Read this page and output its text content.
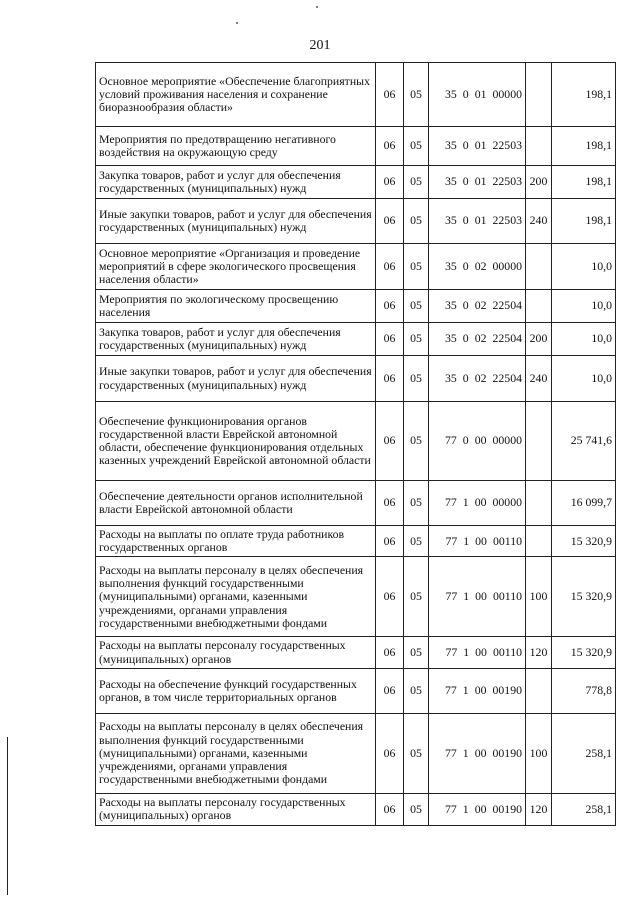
201
Основное мероприятие «Обеспечение благоприятных условий проживания населения и сохранение биоразнообразия области»	06	05	35 0 01 00000		198,1
Мероприятия по предотвращению негативного воздействия на окружающую среду	06	05	35 0 01 22503		198,1
Закупка товаров, работ и услуг для обеспечения государственных (муниципальных) нужд	06	05	35 0 01 22503	200	198,1
Иные закупки товаров, работ и услуг для обеспечения государственных (муниципальных) нужд	06	05	35 0 01 22503	240	198,1
Основное мероприятие «Организация и проведение мероприятий в сфере экологического просвещения населения области»	06	05	35 0 02 00000		10,0
Мероприятия по экологическому просвещению населения	06	05	35 0 02 22504		10,0
Закупка товаров, работ и услуг для обеспечения государственных (муниципальных) нужд	06	05	35 0 02 22504	200	10,0
Иные закупки товаров, работ и услуг для обеспечения государственных (муниципальных) нужд	06	05	35 0 02 22504	240	10,0
Обеспечение функционирования органов государственной власти Еврейской автономной области, обеспечение функционирования отдельных казенных учреждений Еврейской автономной области	06	05	77 0 00 00000		25 741,6
Обеспечение деятельности органов исполнительной власти Еврейской автономной области	06	05	77 1 00 00000		16 099,7
Расходы на выплаты по оплате труда работников государственных органов	06	05	77 1 00 00110		15 320,9
Расходы на выплаты персоналу в целях обеспечения выполнения функций государственными (муниципальными) органами, казенными учреждениями, органами управления государственными внебюджетными фондами	06	05	77 1 00 00110	100	15 320,9
Расходы на выплаты персоналу государственных (муниципальных) органов	06	05	77 1 00 00110	120	15 320,9
Расходы на обеспечение функций государственных органов, в том числе территориальных органов	06	05	77 1 00 00190		778,8
Расходы на выплаты персоналу в целях обеспечения выполнения функций государственными (муниципальными) органами, казенными учреждениями, органами управления государственными внебюджетными фондами	06	05	77 1 00 00190	100	258,1
Расходы на выплаты персоналу государственных (муниципальных) органов	06	05	77 1 00 00190	120	258,1
